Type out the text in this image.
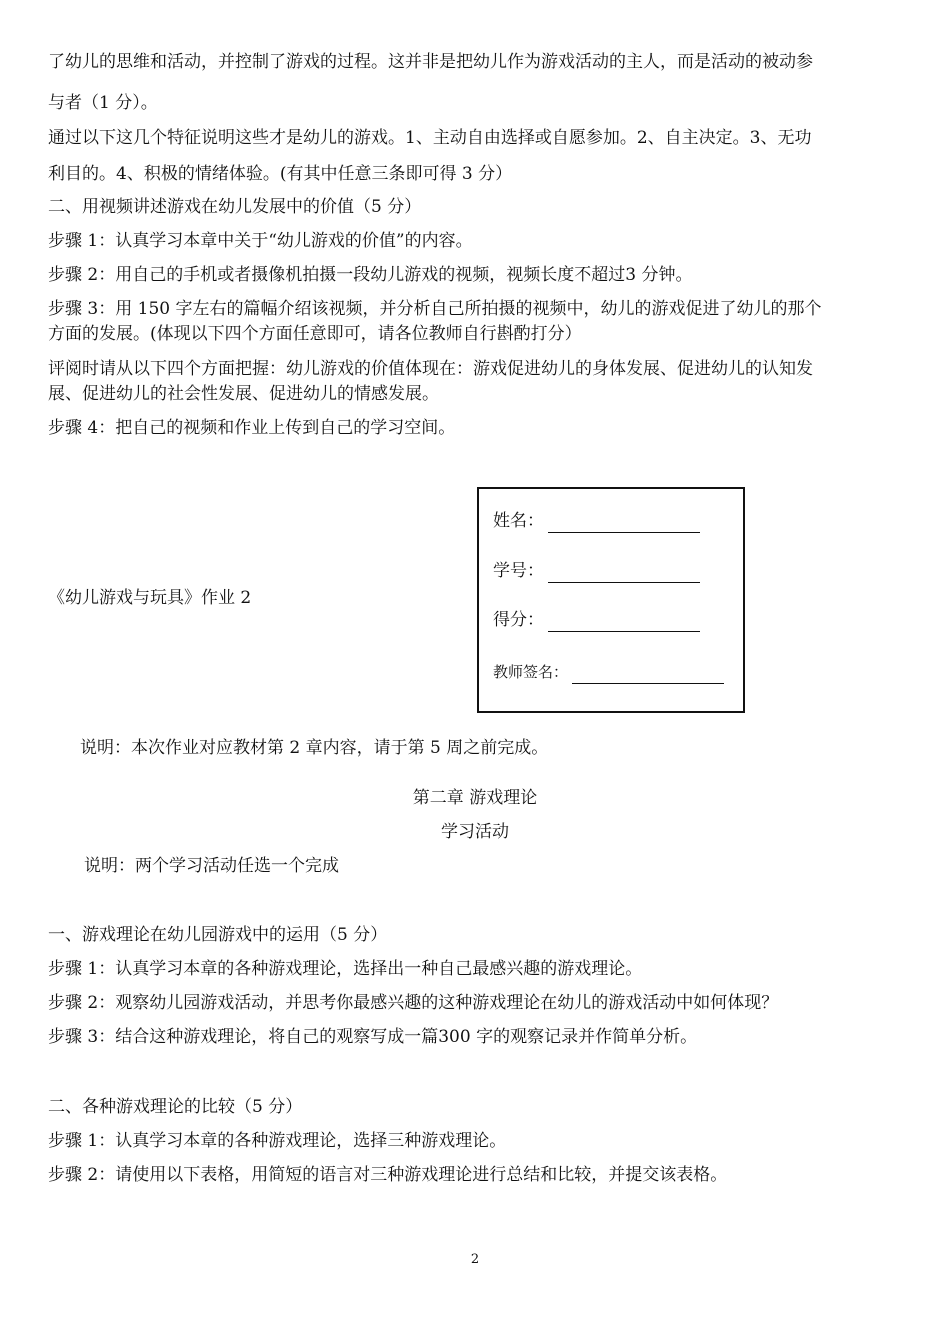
了幼儿的思维和活动，并控制了游戏的过程。这并非是把幼儿作为游戏活动的主人，而是活动的被动参
与者（1 分）。
通过以下这几个特征说明这些才是幼儿的游戏。1、主动自由选择或自愿参加。2、自主决定。3、无功
利目的。4、积极的情绪体验。(有其中任意三条即可得 3 分）
二、用视频讲述游戏在幼儿发展中的价值（5 分）
步骤 1：认真学习本章中关于“幼儿游戏的价值”的内容。
步骤 2：用自己的手机或者摄像机拍摄一段幼儿游戏的视频，视频长度不超过3 分钟。
步骤 3：用 150 字左右的篇幅介绍该视频，并分析自己所拍摄的视频中，幼儿的游戏促进了幼儿的那个
方面的发展。(体现以下四个方面任意即可，请各位教师自行斟酌打分）
评阅时请从以下四个方面把握：幼儿游戏的价值体现在：游戏促进幼儿的身体发展、促进幼儿的认知发
展、促进幼儿的社会性发展、促进幼儿的情感发展。
步骤 4：把自己的视频和作业上传到自己的学习空间。
《幼儿游戏与玩具》作业 2
姓名：
学号：
得分：
教师签名：
说明：本次作业对应教材第 2 章内容，请于第 5 周之前完成。
第二章 游戏理论
学习活动
说明：两个学习活动任选一个完成
一、游戏理论在幼儿园游戏中的运用（5 分）
步骤 1：认真学习本章的各种游戏理论，选择出一种自己最感兴趣的游戏理论。
步骤 2：观察幼儿园游戏活动，并思考你最感兴趣的这种游戏理论在幼儿的游戏活动中如何体现？
步骤 3：结合这种游戏理论，将自己的观察写成一篇300 字的观察记录并作简单分析。
二、各种游戏理论的比较（5 分）
步骤 1：认真学习本章的各种游戏理论，选择三种游戏理论。
步骤 2：请使用以下表格，用简短的语言对三种游戏理论进行总结和比较，并提交该表格。
2
